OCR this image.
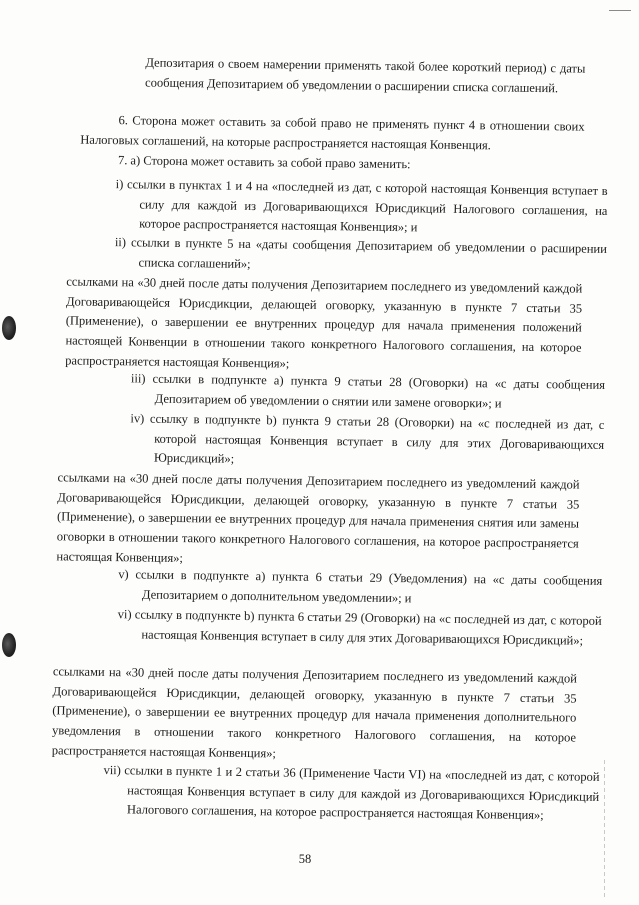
Депозитария о своем намерении применять такой более короткий период) с даты сообщения Депозитарием об уведомлении о расширении списка соглашений.

6. Сторона может оставить за собой право не применять пункт 4 в отношении своих Налоговых соглашений, на которые распространяется настоящая Конвенция.

7. а) Сторона может оставить за собой право заменить:

i) ссылки в пунктах 1 и 4 на «последней из дат, с которой настоящая Конвенция вступает в силу для каждой из Договаривающихся Юрисдикций Налогового соглашения, на которое распространяется настоящая Конвенция»; и

ii) ссылки в пункте 5 на «даты сообщения Депозитарием об уведомлении о расширении списка соглашений»;

ссылками на «30 дней после даты получения Депозитарием последнего из уведомлений каждой Договаривающейся Юрисдикции, делающей оговорку, указанную в пункте 7 статьи 35 (Применение), о завершении ее внутренних процедур для начала применения положений настоящей Конвенции в отношении такого конкретного Налогового соглашения, на которое распространяется настоящая Конвенция»;

iii) ссылки в подпункте a) пункта 9 статьи 28 (Оговорки) на «с даты сообщения Депозитарием об уведомлении о снятии или замене оговорки»; и

iv) ссылку в подпункте b) пункта 9 статьи 28 (Оговорки) на «с последней из дат, с которой настоящая Конвенция вступает в силу для этих Договаривающихся Юрисдикций»;

ссылками на «30 дней после даты получения Депозитарием последнего из уведомлений каждой Договаривающейся Юрисдикции, делающей оговорку, указанную в пункте 7 статьи 35 (Применение), о завершении ее внутренних процедур для начала применения снятия или замены оговорки в отношении такого конкретного Налогового соглашения, на которое распространяется настоящая Конвенция»;

v) ссылки в подпункте a) пункта 6 статьи 29 (Уведомления) на «с даты сообщения Депозитарием о дополнительном уведомлении»; и

vi) ссылку в подпункте b) пункта 6 статьи 29 (Оговорки) на «с последней из дат, с которой настоящая Конвенция вступает в силу для этих Договаривающихся Юрисдикций»;

ссылками на «30 дней после даты получения Депозитарием последнего из уведомлений каждой Договаривающейся Юрисдикции, делающей оговорку, указанную в пункте 7 статьи 35 (Применение), о завершении ее внутренних процедур для начала применения дополнительного уведомления в отношении такого конкретного Налогового соглашения, на которое распространяется настоящая Конвенция»;

vii) ссылки в пункте 1 и 2 статьи 36 (Применение Части VI) на «последней из дат, с которой настоящая Конвенция вступает в силу для каждой из Договаривающихся Юрисдикций Налогового соглашения, на которое распространяется настоящая Конвенция»;

58
